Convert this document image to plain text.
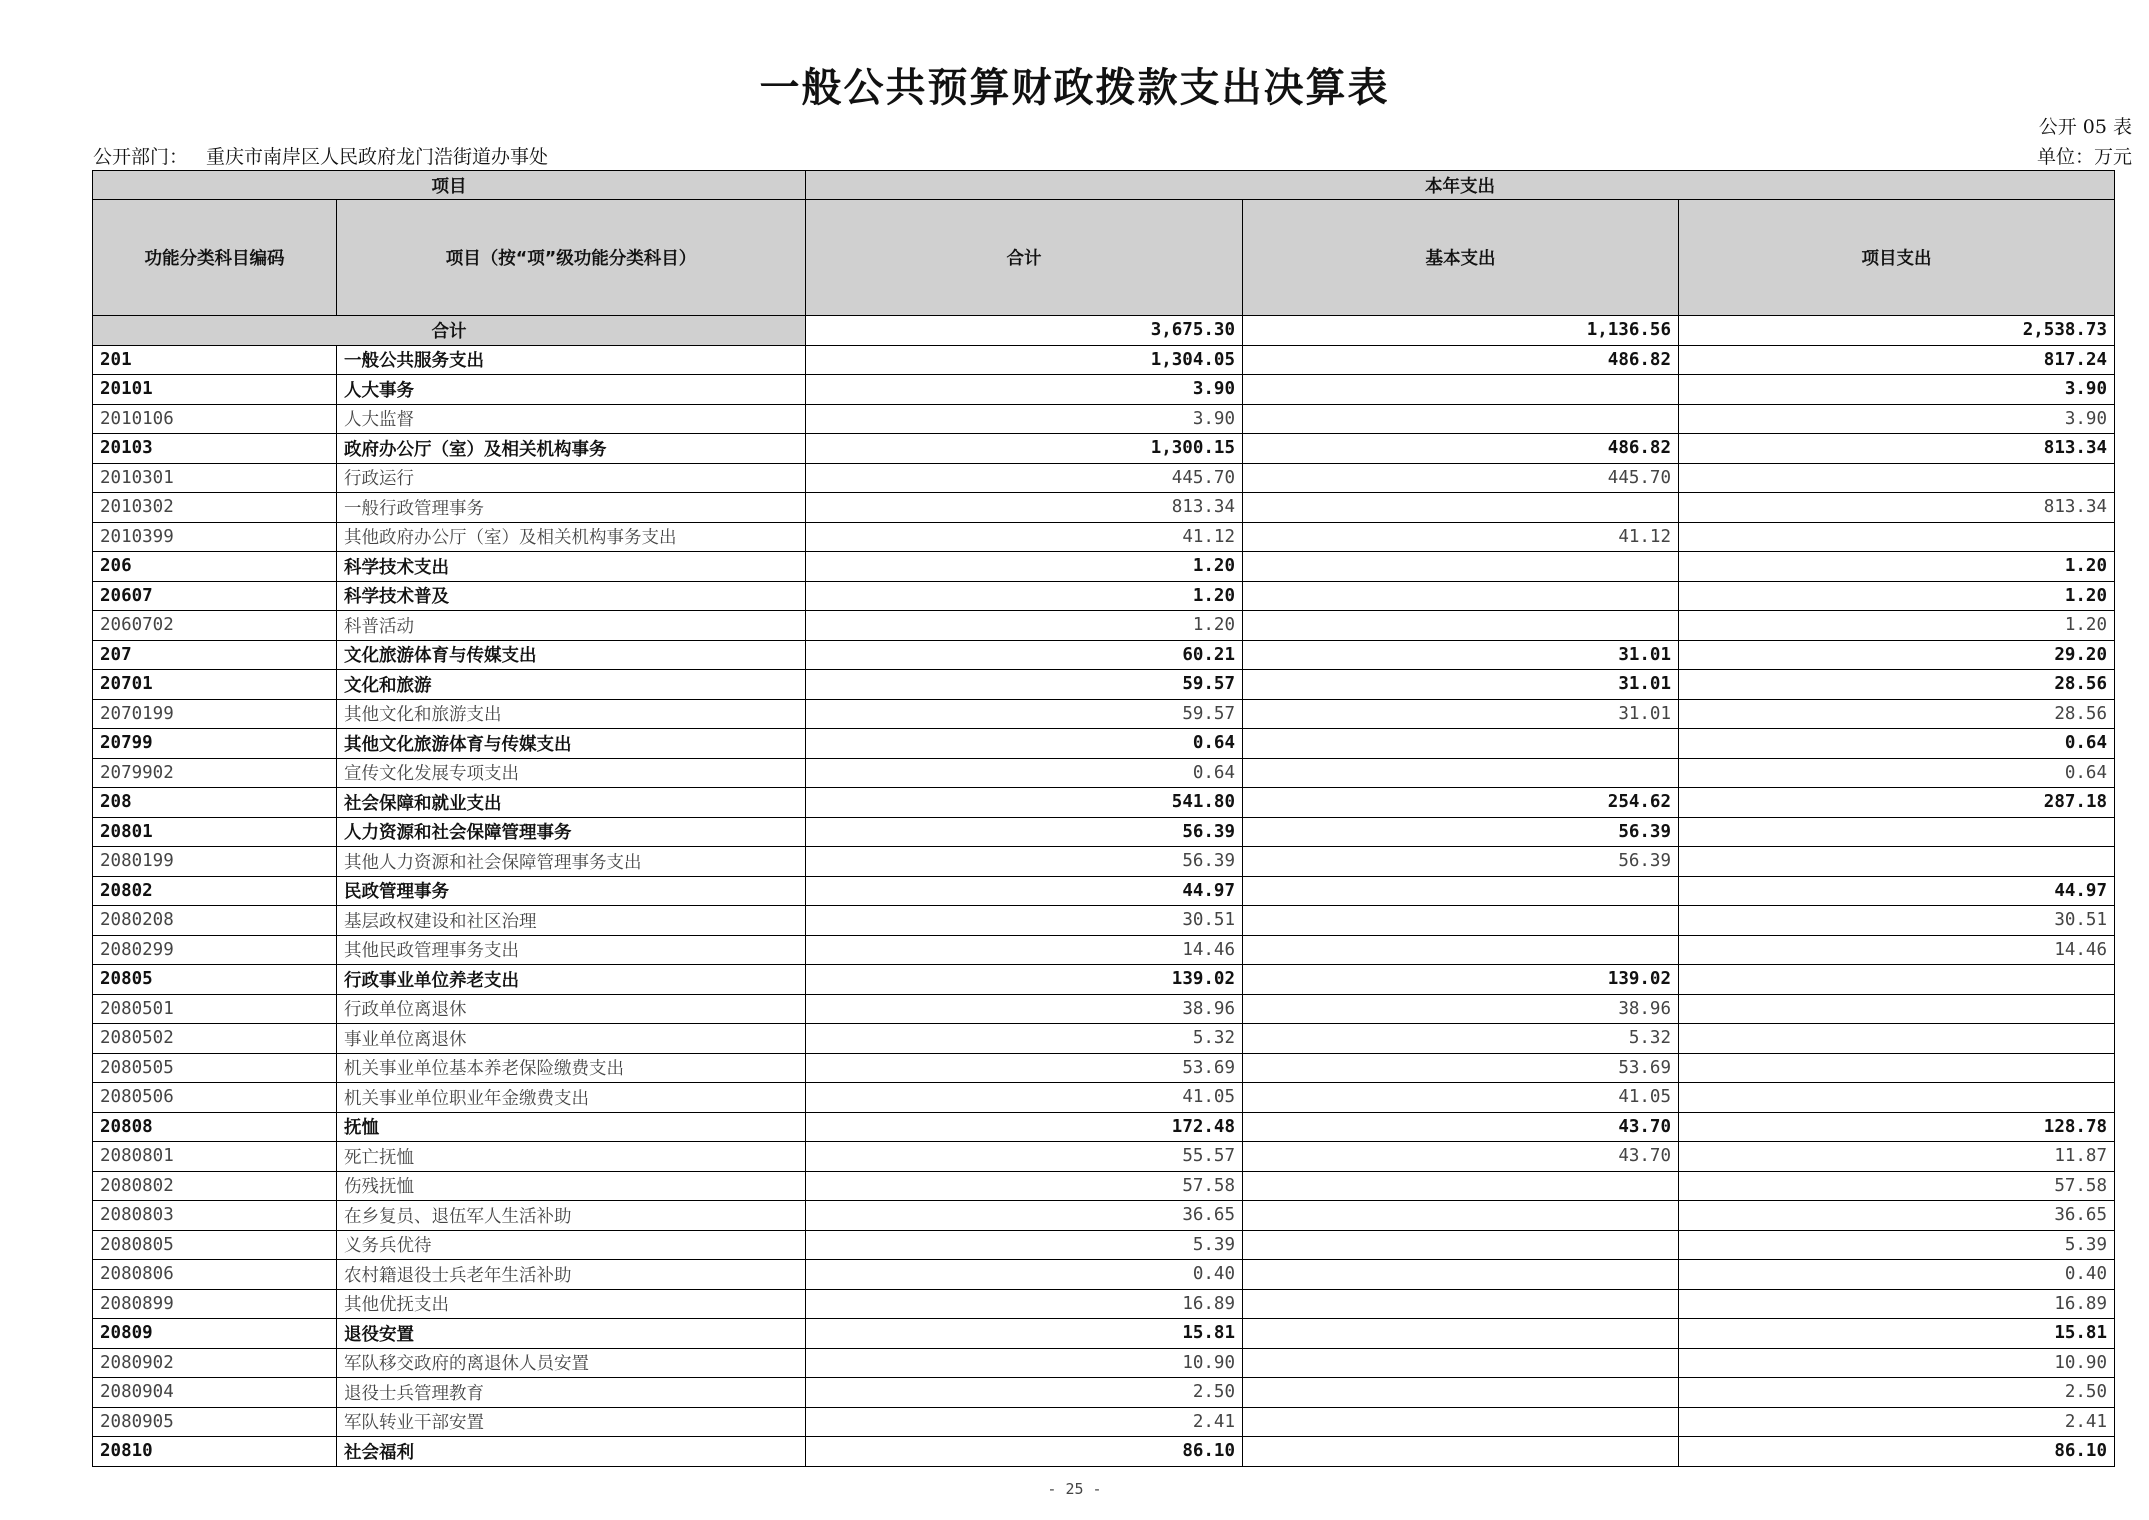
一般公共预算财政拨款支出决算表
公开 05 表
公开部门： 重庆市南岸区人民政府龙门浩街道办事处	单位：万元
项目		本年支出		
功能分类科目编码	项目（按“项”级功能分类科目）	合计	基本支出	项目支出
合计		3,675.30	1,136.56	2,538.73
201	一般公共服务支出	1,304.05	486.82	817.24
20101	人大事务	3.90		3.90
2010106	人大监督	3.90		3.90
20103	政府办公厅（室）及相关机构事务	1,300.15	486.82	813.34
2010301	行政运行	445.70	445.70	
2010302	一般行政管理事务	813.34		813.34
2010399	其他政府办公厅（室）及相关机构事务支出	41.12	41.12	
206	科学技术支出	1.20		1.20
20607	科学技术普及	1.20		1.20
2060702	科普活动	1.20		1.20
207	文化旅游体育与传媒支出	60.21	31.01	29.20
20701	文化和旅游	59.57	31.01	28.56
2070199	其他文化和旅游支出	59.57	31.01	28.56
20799	其他文化旅游体育与传媒支出	0.64		0.64
2079902	宣传文化发展专项支出	0.64		0.64
208	社会保障和就业支出	541.80	254.62	287.18
20801	人力资源和社会保障管理事务	56.39	56.39	
2080199	其他人力资源和社会保障管理事务支出	56.39	56.39	
20802	民政管理事务	44.97		44.97
2080208	基层政权建设和社区治理	30.51		30.51
2080299	其他民政管理事务支出	14.46		14.46
20805	行政事业单位养老支出	139.02	139.02	
2080501	行政单位离退休	38.96	38.96	
2080502	事业单位离退休	5.32	5.32	
2080505	机关事业单位基本养老保险缴费支出	53.69	53.69	
2080506	机关事业单位职业年金缴费支出	41.05	41.05	
20808	抚恤	172.48	43.70	128.78
2080801	死亡抚恤	55.57	43.70	11.87
2080802	伤残抚恤	57.58		57.58
2080803	在乡复员、退伍军人生活补助	36.65		36.65
2080805	义务兵优待	5.39		5.39
2080806	农村籍退役士兵老年生活补助	0.40		0.40
2080899	其他优抚支出	16.89		16.89
20809	退役安置	15.81		15.81
2080902	军队移交政府的离退休人员安置	10.90		10.90
2080904	退役士兵管理教育	2.50		2.50
2080905	军队转业干部安置	2.41		2.41
20810	社会福利	86.10		86.10
- 25 -
